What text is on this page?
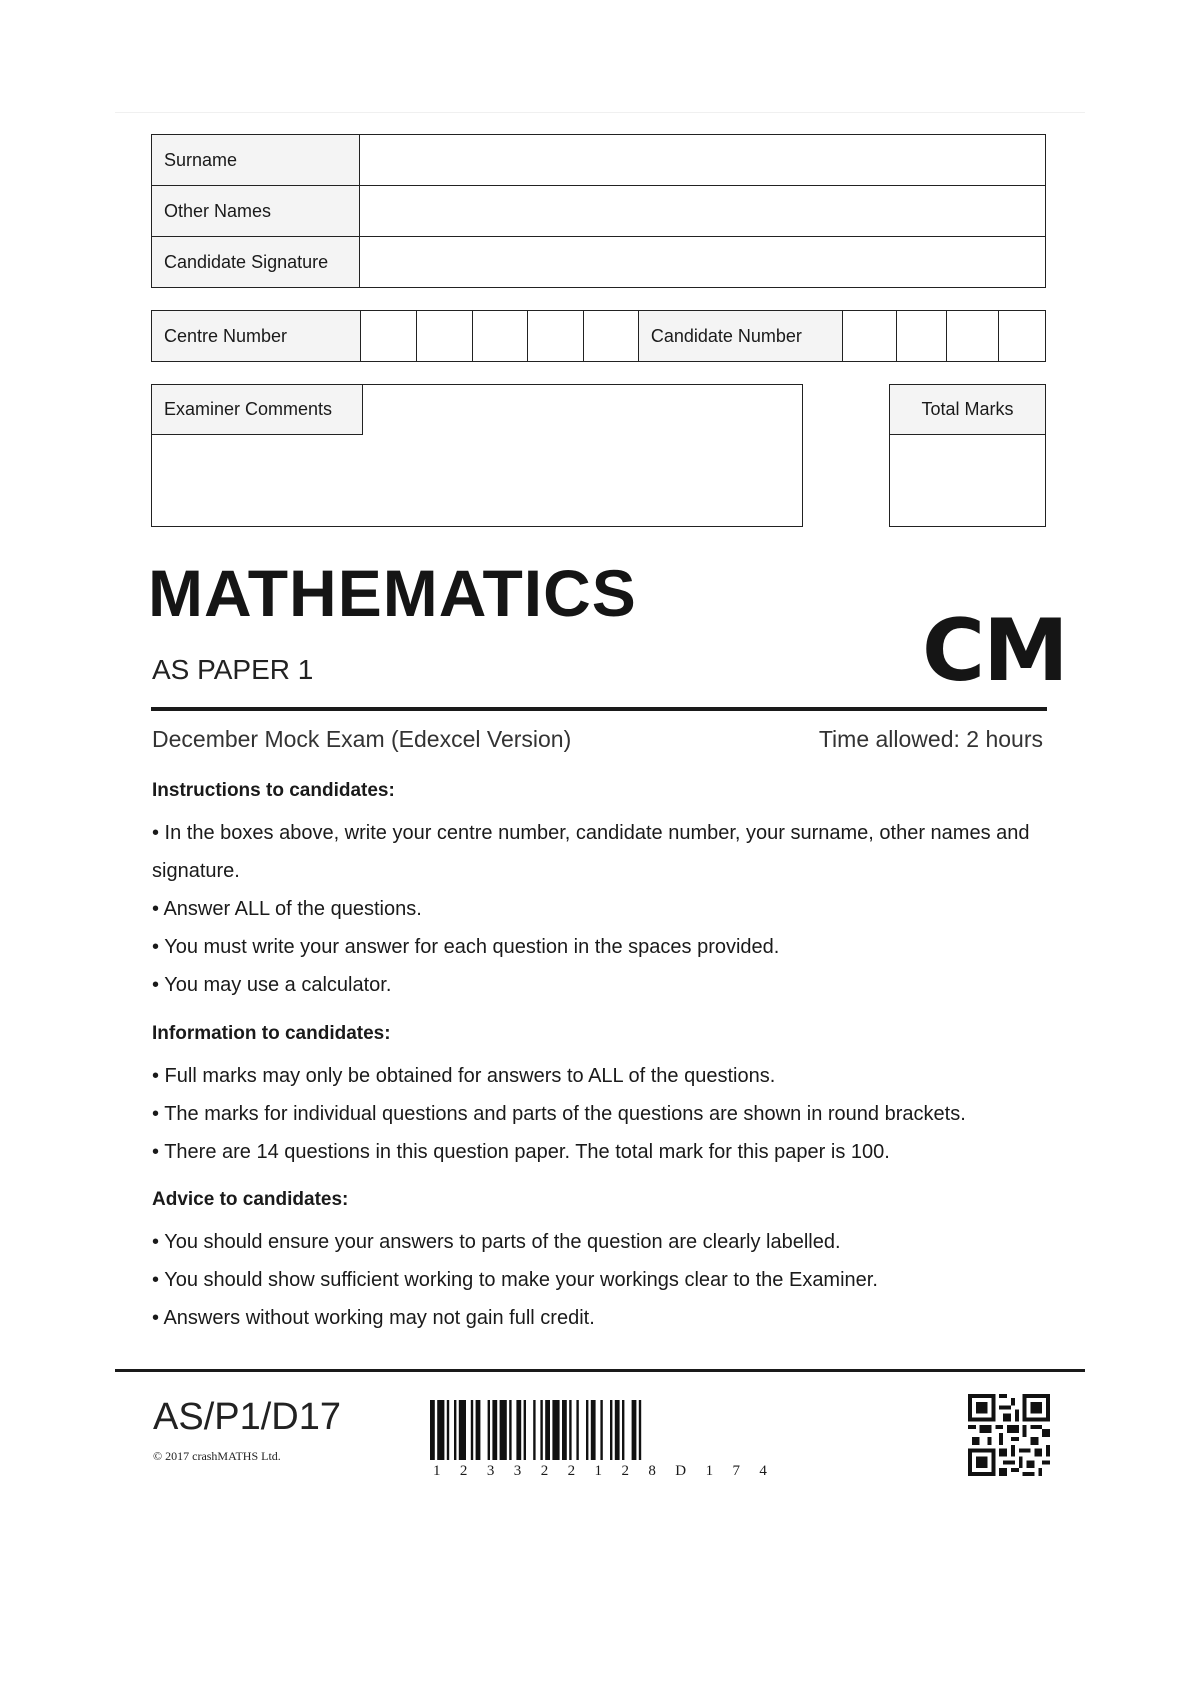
Surname	
Other Names	
Candidate Signature	
Centre Number	Candidate Number
Examiner Comments	Total Marks
MATHEMATICS
AS PAPER 1	CM
December Mock Exam (Edexcel Version)	Time allowed: 2 hours
Instructions to candidates:

• In the boxes above, write your centre number, candidate number, your surname, other names and signature.

• Answer ALL of the questions.

• You must write your answer for each question in the spaces provided.

• You may use a calculator.

Information to candidates:

• Full marks may only be obtained for answers to ALL of the questions.

• The marks for individual questions and parts of the questions are shown in round brackets.

• There are 14 questions in this question paper. The total mark for this paper is 100.

Advice to candidates:

• You should ensure your answers to parts of the question are clearly labelled.

• You should show sufficient working to make your workings clear to the Examiner.

• Answers without working may not gain full credit.

AS/P1/D17
© 2017 crashMATHS Ltd.
1 2 3 3 2 2 1 2 8 D 1 7 4
